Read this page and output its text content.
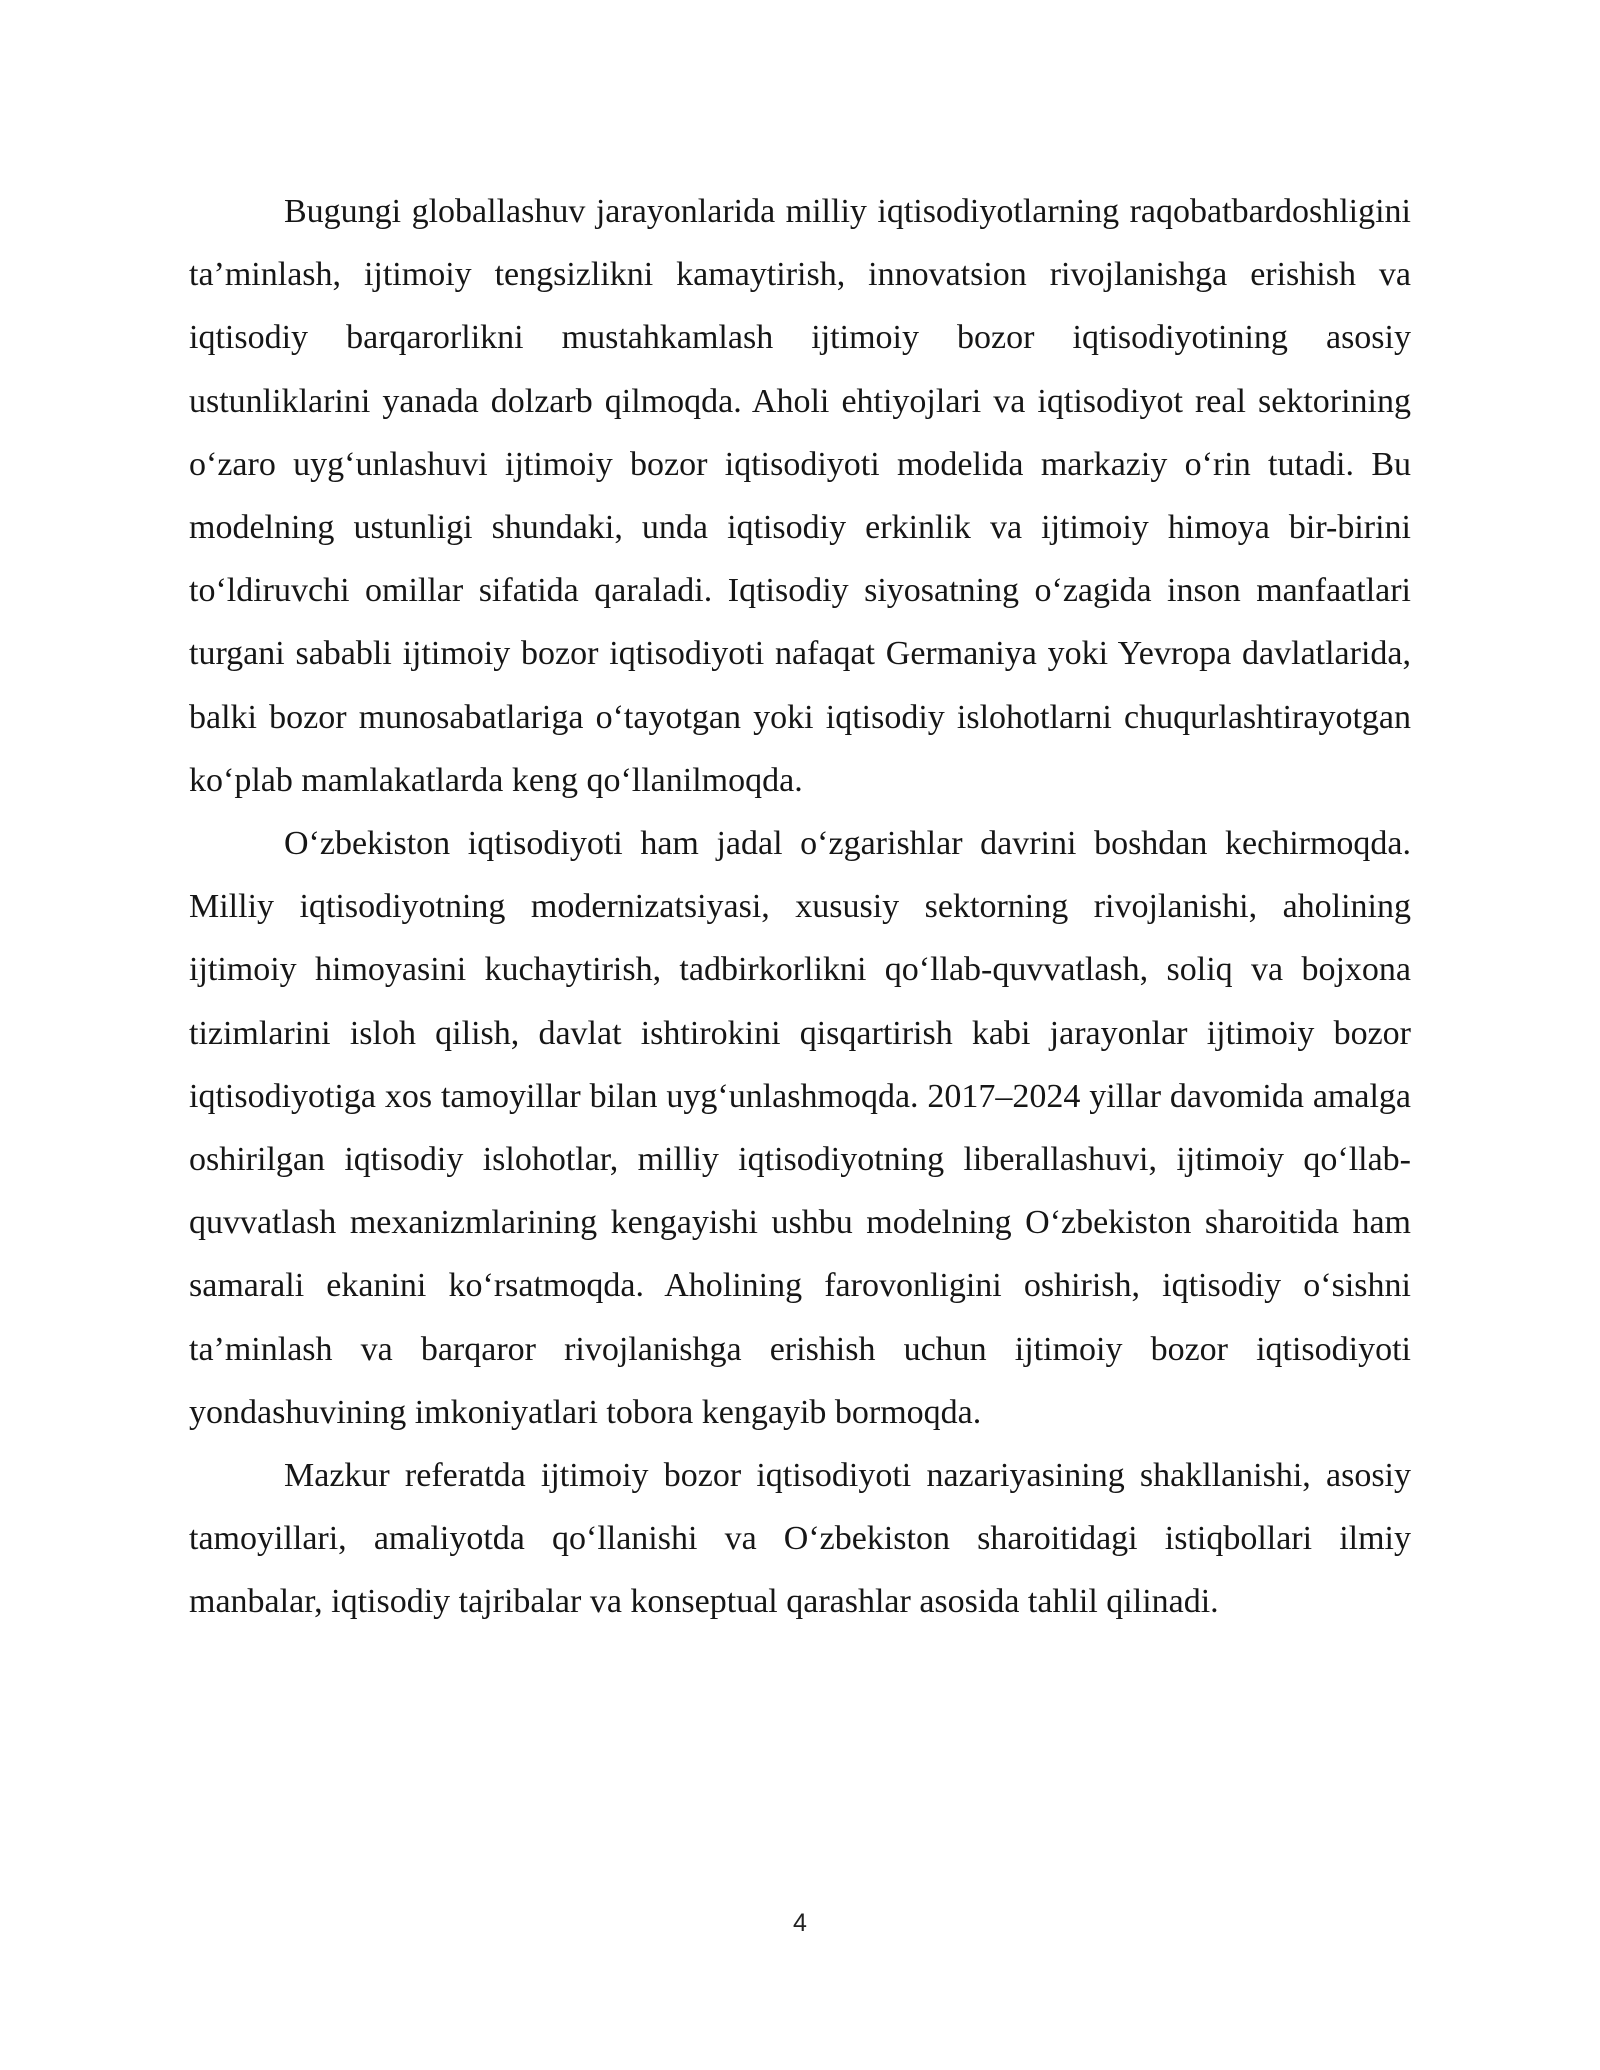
Bugungi globallashuv jarayonlarida milliy iqtisodiyotlarning raqobatbardoshligini ta’minlash, ijtimoiy tengsizlikni kamaytirish, innovatsion rivojlanishga erishish va iqtisodiy barqarorlikni mustahkamlash ijtimoiy bozor iqtisodiyotining asosiy ustunliklarini yanada dolzarb qilmoqda. Aholi ehtiyojlari va iqtisodiyot real sektorining o‘zaro uyg‘unlashuvi ijtimoiy bozor iqtisodiyoti modelida markaziy o‘rin tutadi. Bu modelning ustunligi shundaki, unda iqtisodiy erkinlik va ijtimoiy himoya bir-birini to‘ldiruvchi omillar sifatida qaraladi. Iqtisodiy siyosatning o‘zagida inson manfaatlari turgani sababli ijtimoiy bozor iqtisodiyoti nafaqat Germaniya yoki Yevropa davlatlarida, balki bozor munosabatlariga o‘tayotgan yoki iqtisodiy islohotlarni chuqurlashtirayotgan ko‘plab mamlakatlarda keng qo‘llanilmoqda.

O‘zbekiston iqtisodiyoti ham jadal o‘zgarishlar davrini boshdan kechirmoqda. Milliy iqtisodiyotning modernizatsiyasi, xususiy sektorning rivojlanishi, aholining ijtimoiy himoyasini kuchaytirish, tadbirkorlikni qo‘llab-quvvatlash, soliq va bojxona tizimlarini isloh qilish, davlat ishtirokini qisqartirish kabi jarayonlar ijtimoiy bozor iqtisodiyotiga xos tamoyillar bilan uyg‘unlashmoqda. 2017–2024 yillar davomida amalga oshirilgan iqtisodiy islohotlar, milliy iqtisodiyotning liberallashuvi, ijtimoiy qo‘llab-quvvatlash mexanizmlarining kengayishi ushbu modelning O‘zbekiston sharoitida ham samarali ekanini ko‘rsatmoqda. Aholining farovonligini oshirish, iqtisodiy o‘sishni ta’minlash va barqaror rivojlanishga erishish uchun ijtimoiy bozor iqtisodiyoti yondashuvining imkoniyatlari tobora kengayib bormoqda.

Mazkur referatda ijtimoiy bozor iqtisodiyoti nazariyasining shakllanishi, asosiy tamoyillari, amaliyotda qo‘llanishi va O‘zbekiston sharoitidagi istiqbollari ilmiy manbalar, iqtisodiy tajribalar va konseptual qarashlar asosida tahlil qilinadi.

4
